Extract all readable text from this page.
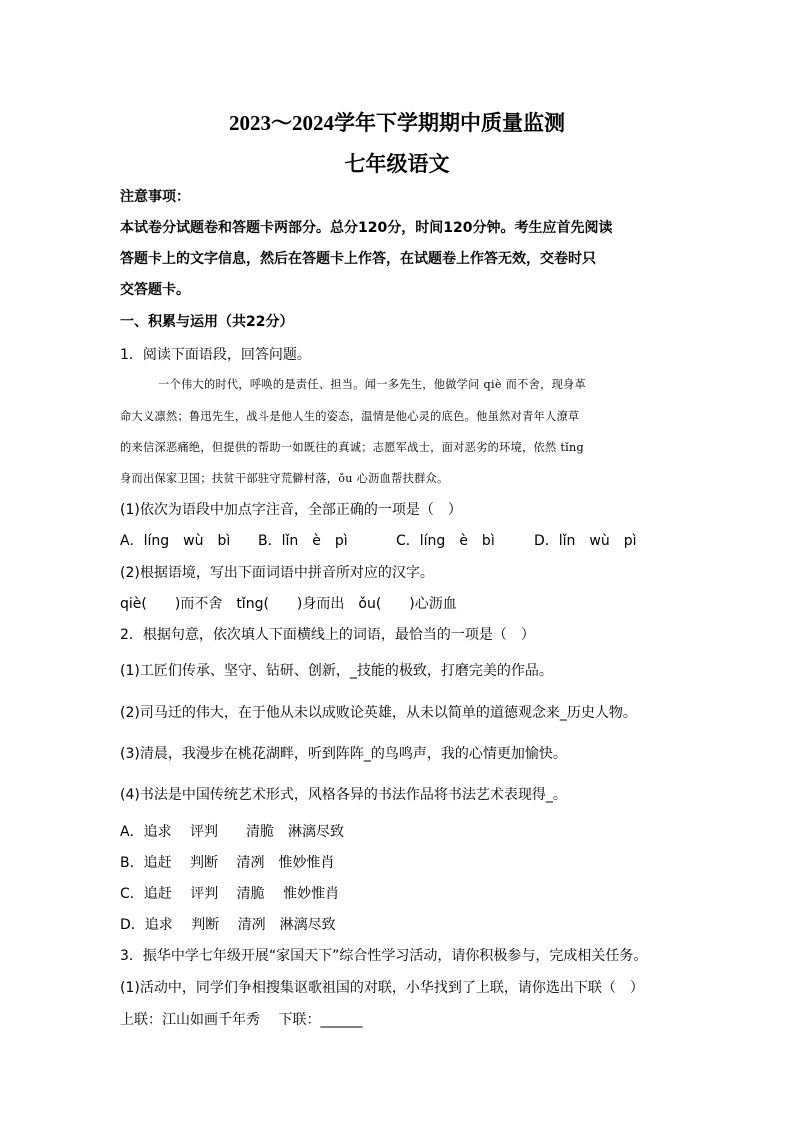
2023～2024学年下学期期中质量监测
七年级语文
注意事项：
本试卷分试题卷和答题卡两部分。总分120分，时间120分钟。考生应首先阅读
答题卡上的文字信息，然后在答题卡上作答，在试题卷上作答无效，交卷时只
交答题卡。
一、积累与运用（共22分）
1．阅读下面语段，回答问题。
一个伟大的时代，呼唤的是责任、担当。闻一多先生，他做学问 qiè 而不舍，现身革
命大义凛然；鲁迅先生，战斗是他人生的姿态，温情是他心灵的底色。他虽然对青年人潦草
的来信深恶痛绝，但提供的帮助一如既往的真诚；志愿军战士，面对恶劣的环境，依然 tǐng
身而出保家卫国；扶贫干部驻守荒僻村落，ǒu 心沥血帮扶群众。
(1)依次为语段中加点字注音，全部正确的一项是（　）
A．líng　wù　bì B．lǐn　è　pì	C．líng　è　bì	D．lǐn　wù　pì
(2)根据语境，写出下面词语中拼音所对应的汉字。
qiè(　　)而不舍　tǐng(　　)身而出　ǒu(　　)心沥血
2．根据句意，依次填人下面横线上的词语，最恰当的一项是（　）
(1)工匠们传承、坚守、钻研、创新，_技能的极致，打磨完美的作品。
(2)司马迁的伟大，在于他从未以成败论英雄，从未以简单的道德观念来_历史人物。
(3)清晨，我漫步在桃花湖畔，听到阵阵_的鸟鸣声，我的心情更加愉快。
(4)书法是中国传统艺术形式，风格各异的书法作品将书法艺术表现得_。
A．追求　 评判　　清脆　淋漓尽致
B．追赶　 判断　 清冽　惟妙惟肖
C．追赶　 评判　 清脆　 惟妙惟肖
D．追求　 判断　 清冽　淋漓尽致
3．振华中学七年级开展“家国天下”综合性学习活动，请你积极参与，完成相关任务。
(1)活动中，同学们争相搜集讴歌祖国的对联，小华找到了上联，请你选出下联（　）
上联：江山如画千年秀　 下联：______
